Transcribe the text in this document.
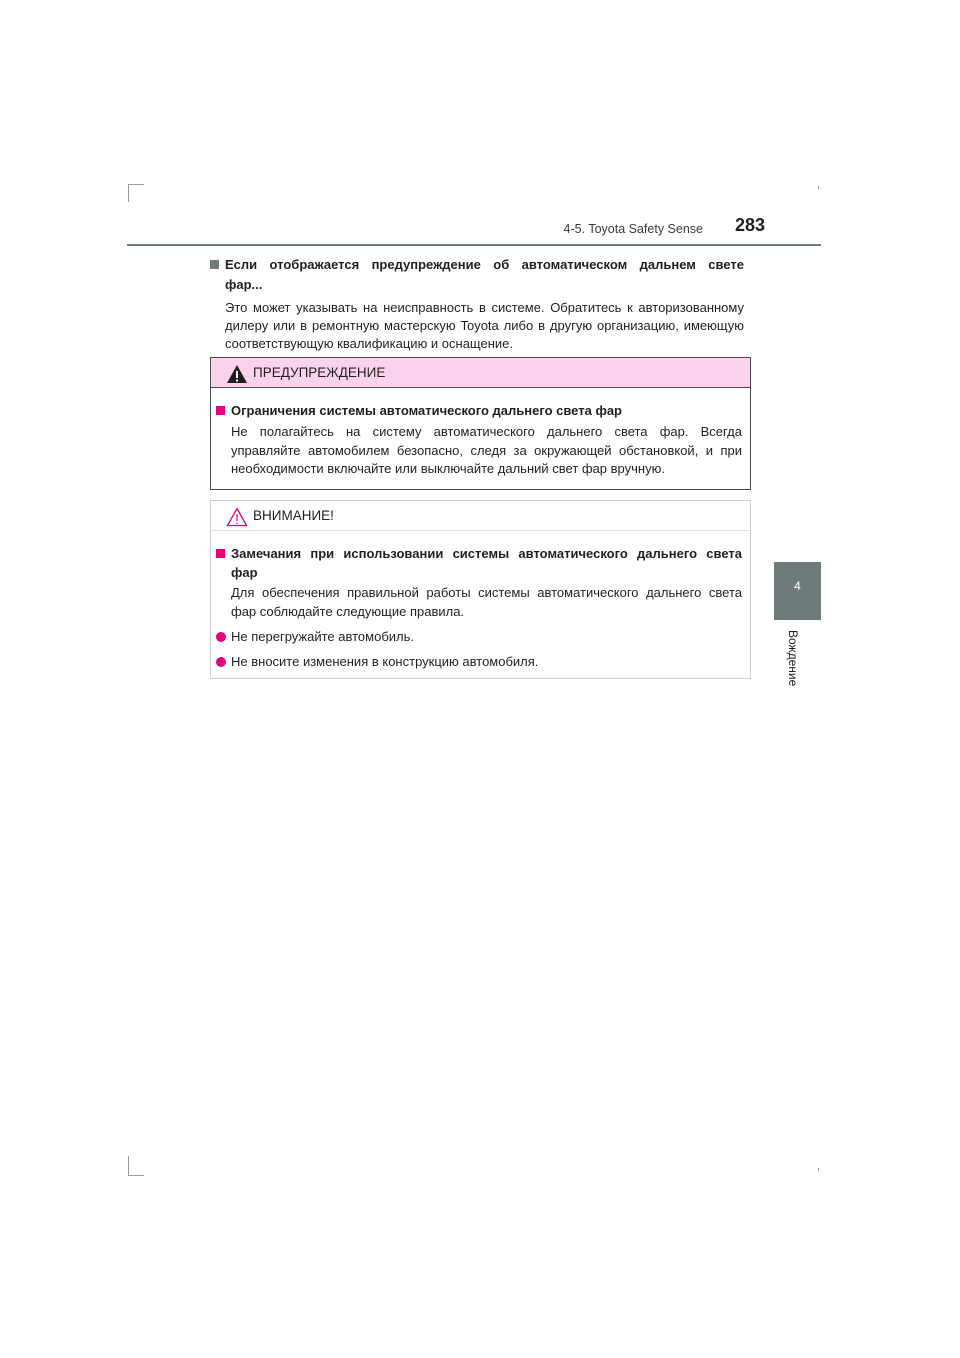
4-5. Toyota Safety Sense 283
4
Вождение
Если отображается предупреждение об автоматическом дальнем свете
фар...
Это может указывать на неисправность в системе. Обратитесь к авторизованному дилеру или в ремонтную мастерскую Toyota либо в другую организацию, имеющую соответствующую квалификацию и оснащение.
ПРЕДУПРЕЖДЕНИЕ
Ограничения системы автоматического дальнего света фар
Не полагайтесь на систему автоматического дальнего света фар. Всегда управляйте автомобилем безопасно, следя за окружающей обстановкой, и при необходимости включайте или выключайте дальний свет фар вручную.
ВНИМАНИЕ!
Замечания при использовании системы автоматического дальнего света
фар
Для обеспечения правильной работы системы автоматического дальнего света фар соблюдайте следующие правила.
Не перегружайте автомобиль.
Не вносите изменения в конструкцию автомобиля.
